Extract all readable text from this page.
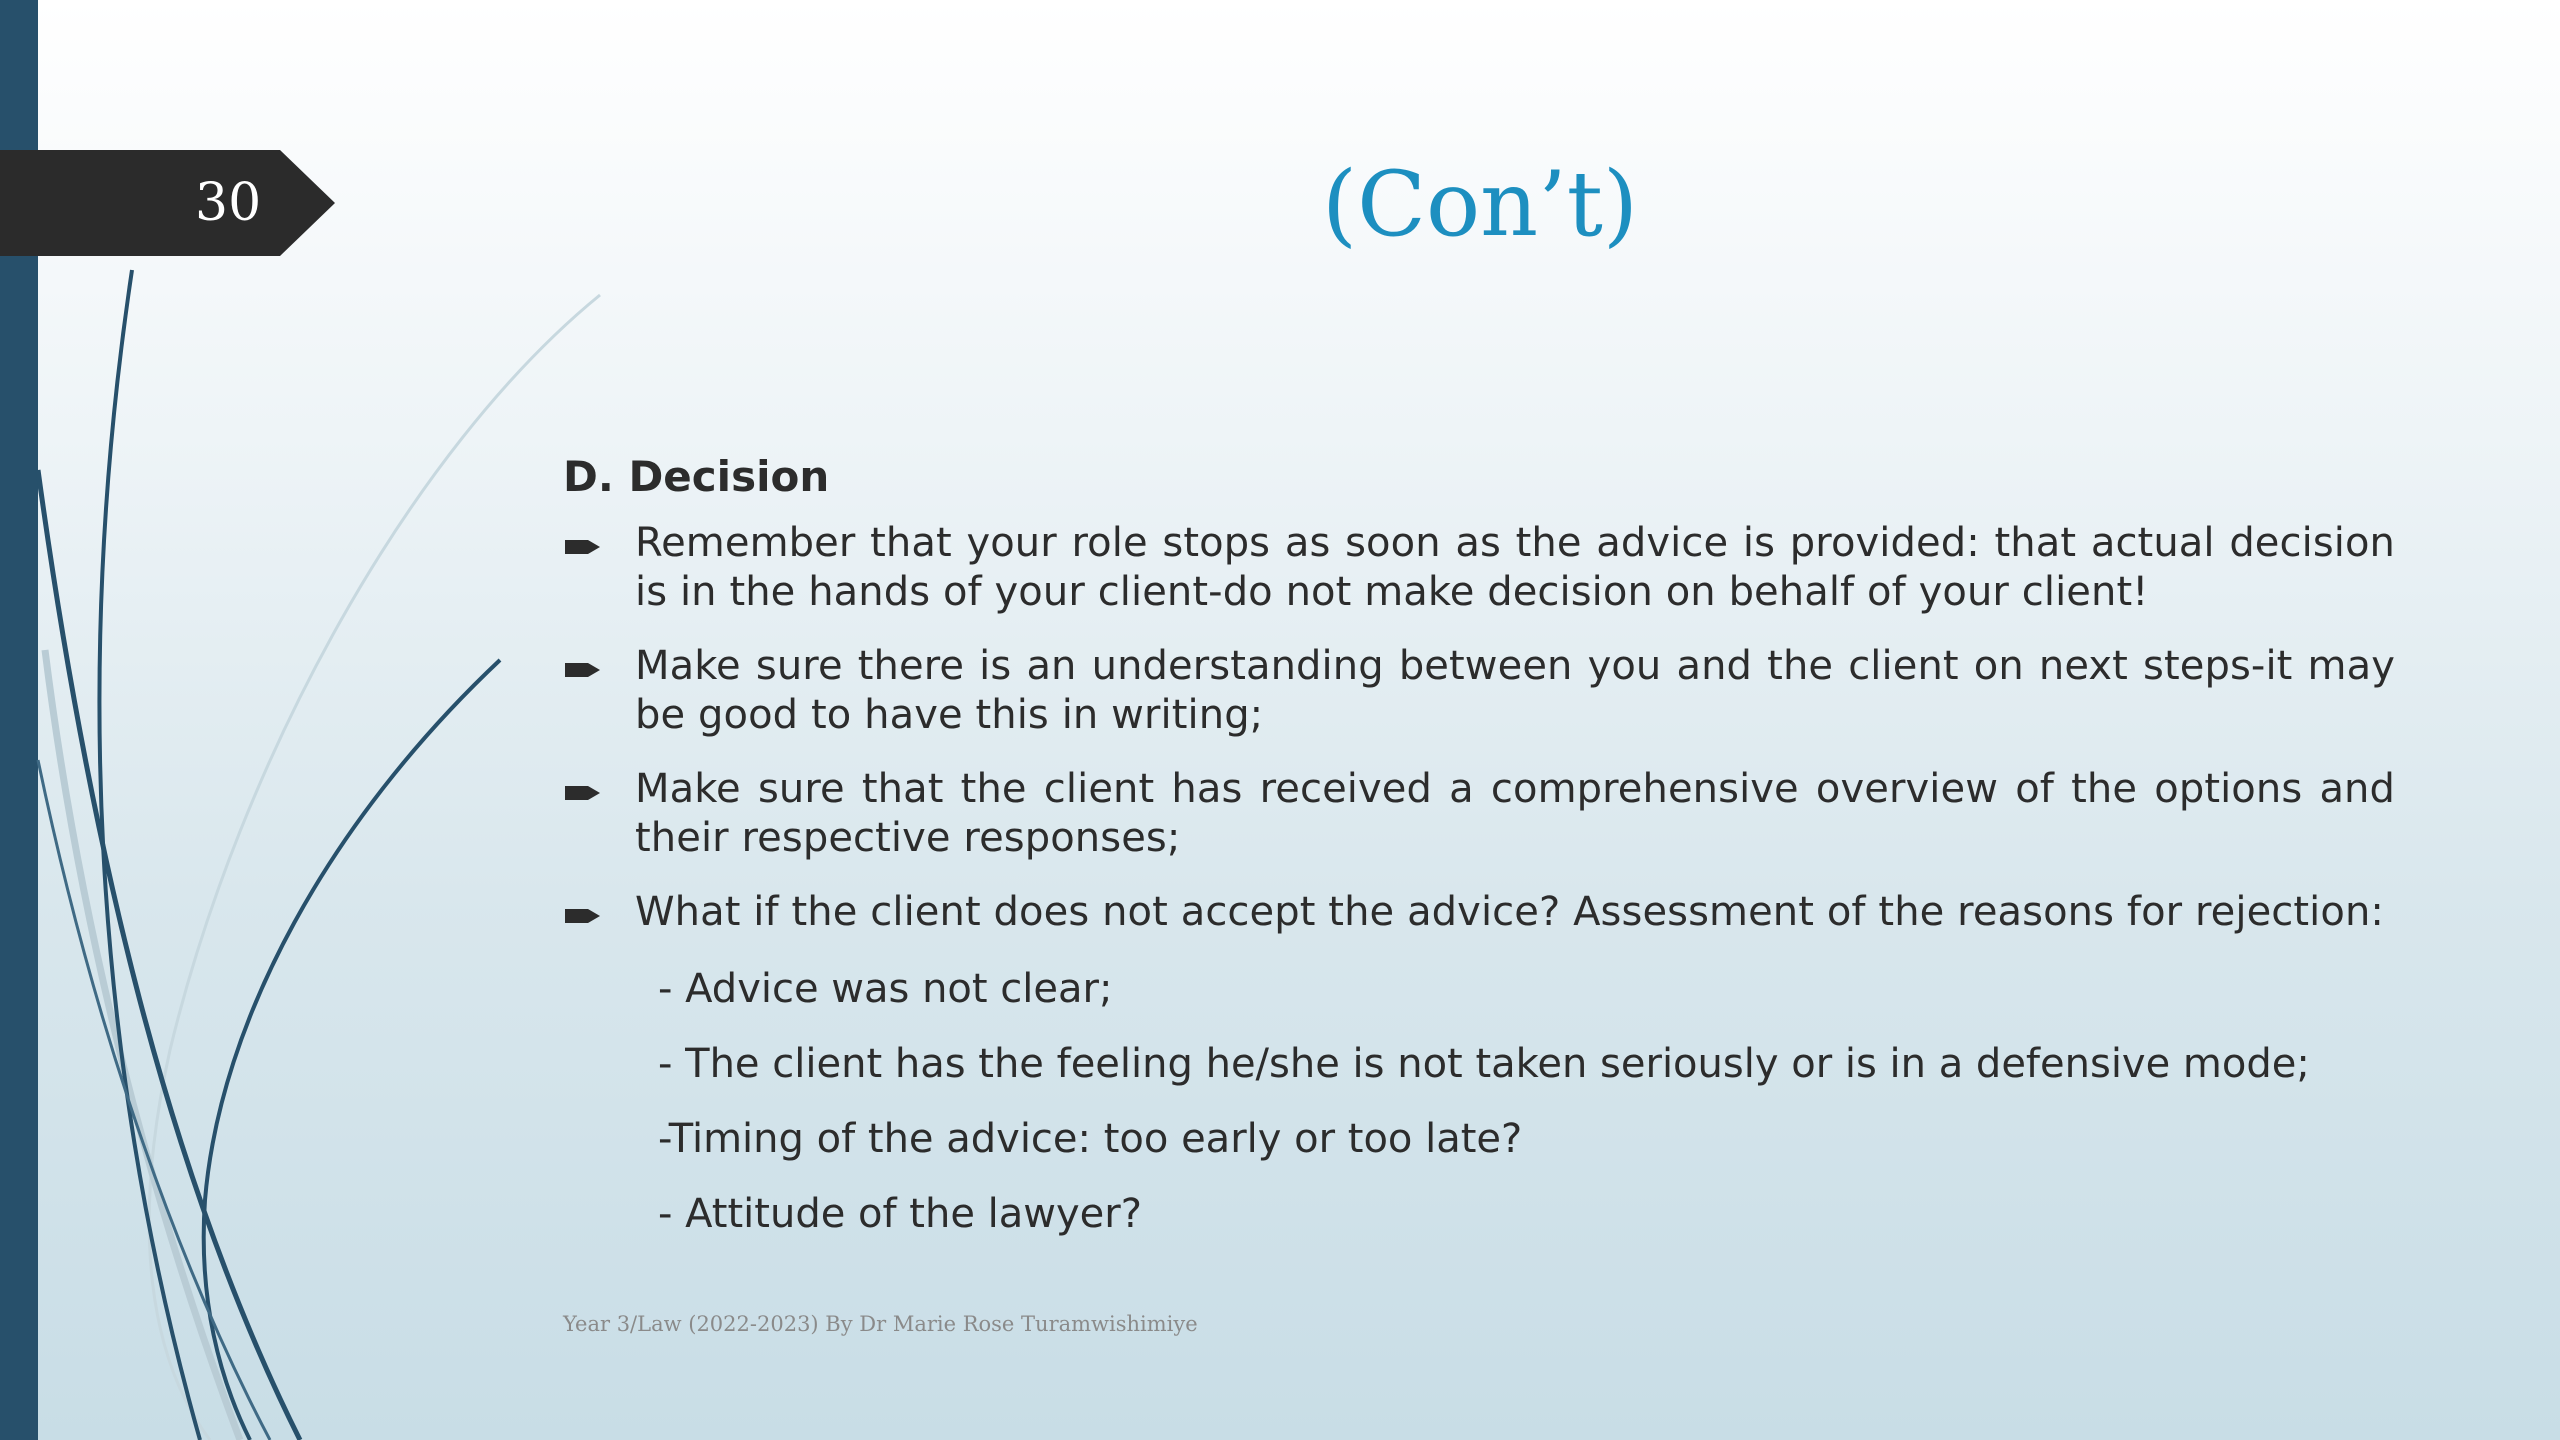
30	(Con’t)
D. Decision
Remember that your role stops as soon as the advice is provided: that actual decision is in the hands of your client-do not make decision on behalf of your client!
Make sure there is an understanding between you and the client on next steps-it may be good to have this in writing;
Make sure that the client has received a comprehensive overview of the options and their respective responses;
What if the client does not accept the advice? Assessment of the reasons for rejection:
- Advice was not clear;
- The client has the feeling he/she is not taken seriously or is in a defensive mode;
-Timing of the advice: too early or too late?
- Attitude of the lawyer?
Year 3/Law (2022-2023) By Dr Marie Rose Turamwishimiye
